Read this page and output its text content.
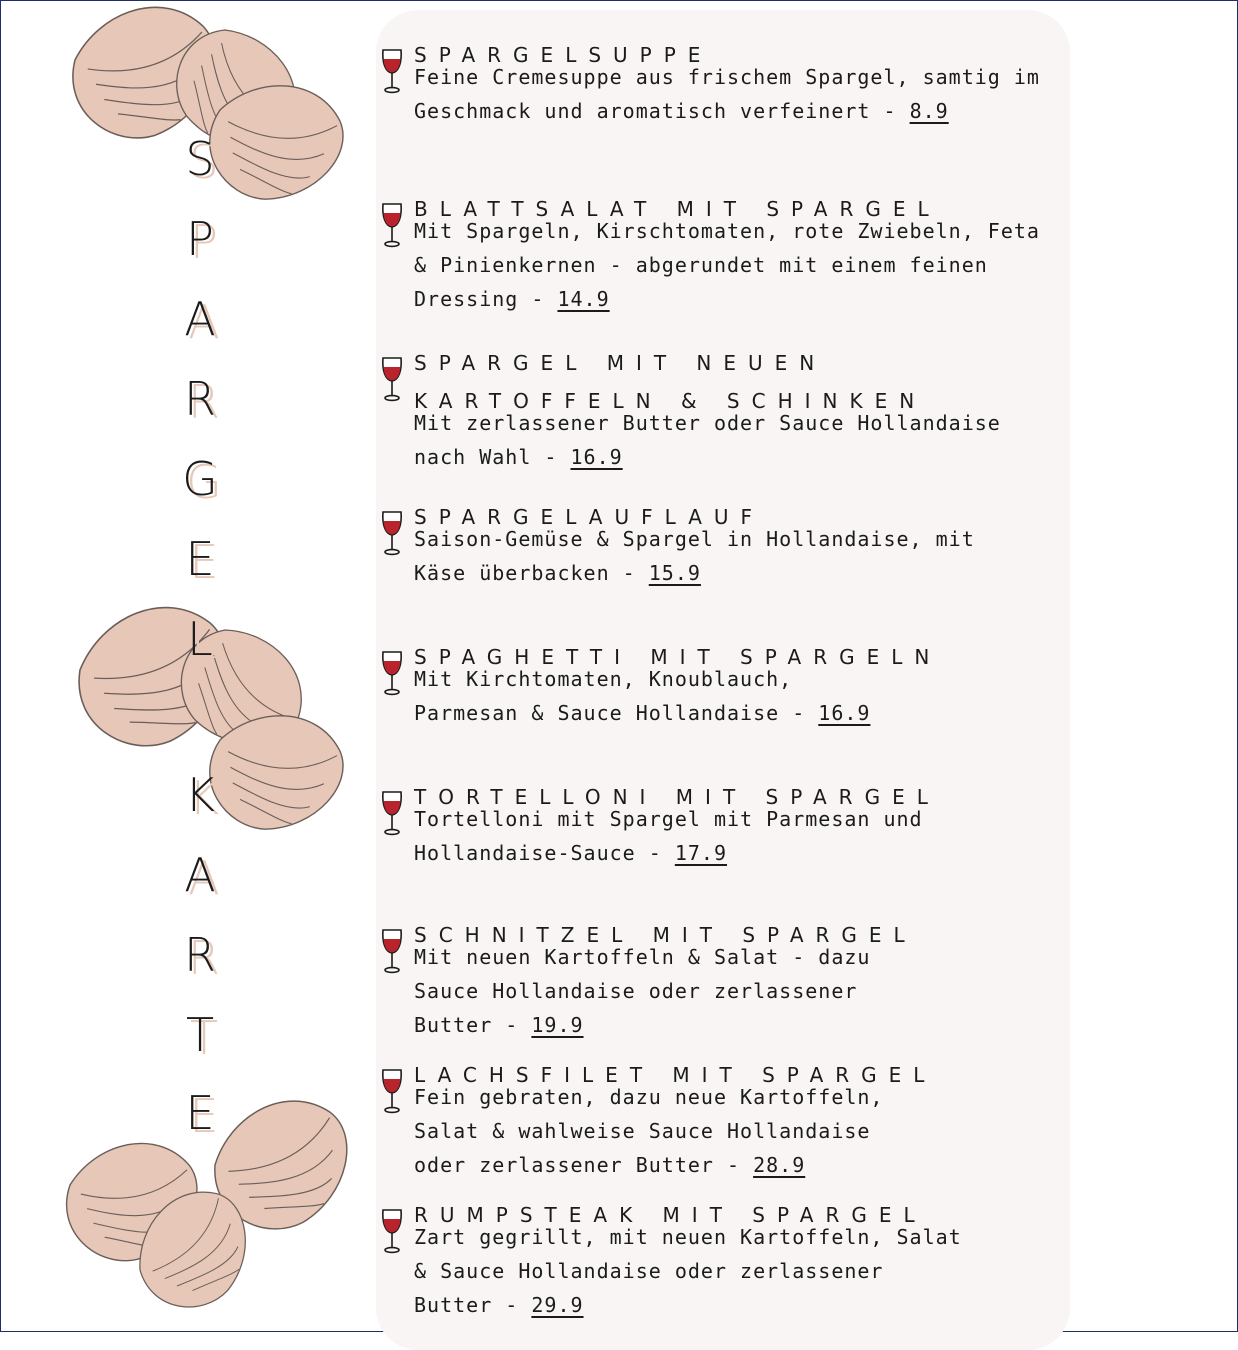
S
P
A
R
G
E
L
K
A
R
T
E
SPARGELSUPPE
Feine Cremesuppe aus frischem Spargel, samtig im
Geschmack und aromatisch verfeinert - 8.9
BLATTSALAT MIT SPARGEL
Mit Spargeln, Kirschtomaten, rote Zwiebeln, Feta
& Pinienkernen - abgerundet mit einem feinen
Dressing - 14.9
SPARGEL MIT NEUEN
KARTOFFELN & SCHINKEN
Mit zerlassener Butter oder Sauce Hollandaise
nach Wahl - 16.9
SPARGELAUFLAUF
Saison-Gemüse & Spargel in Hollandaise, mit
Käse überbacken - 15.9
SPAGHETTI MIT SPARGELN
Mit Kirchtomaten, Knoublauch,
Parmesan & Sauce Hollandaise - 16.9
TORTELLONI MIT SPARGEL
Tortelloni mit Spargel mit Parmesan und
Hollandaise-Sauce - 17.9
SCHNITZEL MIT SPARGEL
Mit neuen Kartoffeln & Salat - dazu
Sauce Hollandaise oder zerlassener
Butter - 19.9
LACHSFILET MIT SPARGEL
Fein gebraten, dazu neue Kartoffeln,
Salat & wahlweise Sauce Hollandaise
oder zerlassener Butter - 28.9
RUMPSTEAK MIT SPARGEL
Zart gegrillt, mit neuen Kartoffeln, Salat
& Sauce Hollandaise oder zerlassener
Butter - 29.9
